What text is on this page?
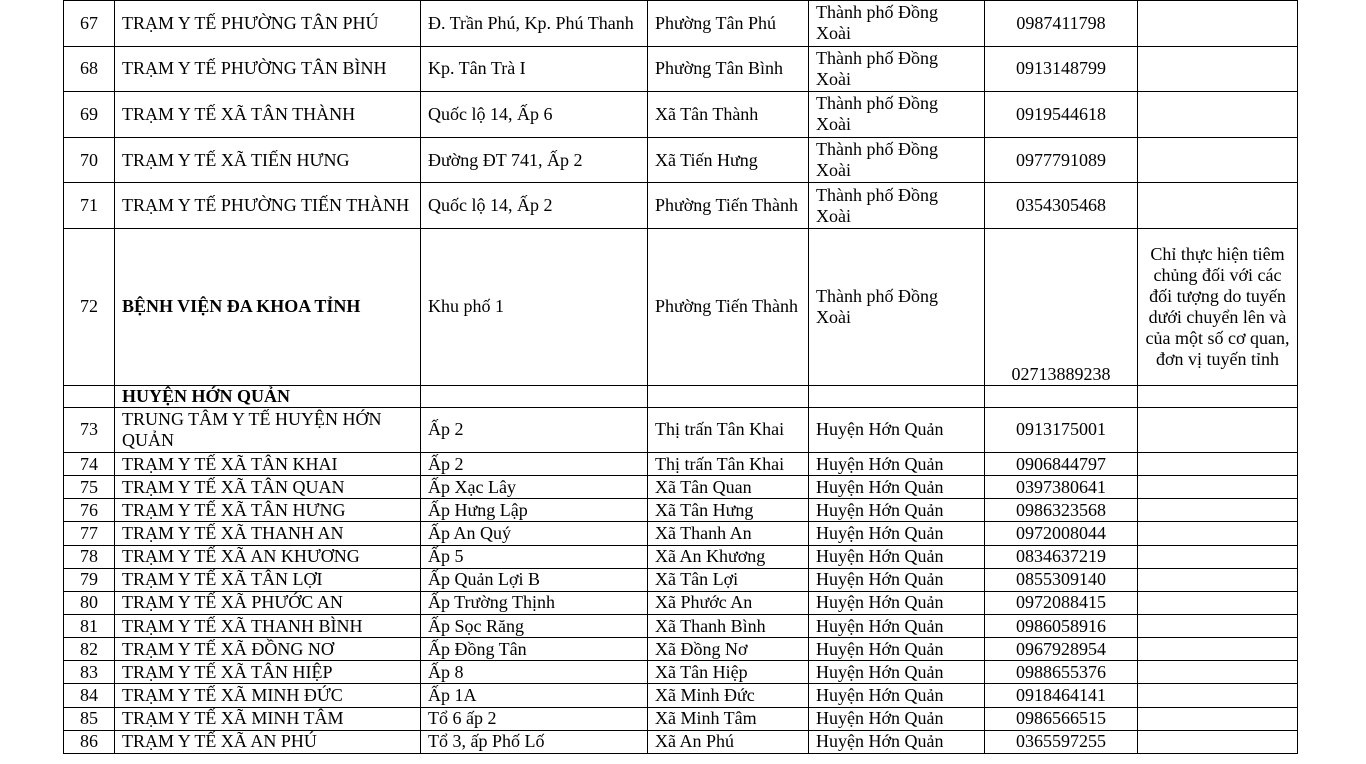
67	TRẠM Y TẾ PHƯỜNG TÂN PHÚ	Đ. Trần Phú, Kp. Phú Thanh	Phường Tân Phú	Thành phố Đồng Xoài	0987411798	
68	TRẠM Y TẾ PHƯỜNG TÂN BÌNH	Kp. Tân Trà I	Phường Tân Bình	Thành phố Đồng Xoài	0913148799	
69	TRẠM Y TẾ XÃ TÂN THÀNH	Quốc lộ 14, Ấp 6	Xã Tân Thành	Thành phố Đồng Xoài	0919544618	
70	TRẠM Y TẾ XÃ TIẾN HƯNG	Đường ĐT 741, Ấp 2	Xã Tiến Hưng	Thành phố Đồng Xoài	0977791089	
71	TRẠM Y TẾ PHƯỜNG TIẾN THÀNH	Quốc lộ 14, Ấp 2	Phường Tiến Thành	Thành phố Đồng Xoài	0354305468	
72	BỆNH VIỆN ĐA KHOA TỈNH	Khu phố 1	Phường Tiến Thành	Thành phố Đồng Xoài	02713889238	Chỉ thực hiện tiêm chủng đối với các đối tượng do tuyến dưới chuyển lên và của một số cơ quan, đơn vị tuyến tỉnh
	HUYỆN HỚN QUẢN					
73	TRUNG TÂM Y TẾ HUYỆN HỚN QUẢN	Ấp 2	Thị trấn Tân Khai	Huyện Hớn Quản	0913175001	
74	TRẠM Y TẾ XÃ TÂN KHAI	Ấp 2	Thị trấn Tân Khai	Huyện Hớn Quản	0906844797	
75	TRẠM Y TẾ XÃ TÂN QUAN	Ấp Xạc Lây	Xã Tân Quan	Huyện Hớn Quản	0397380641	
76	TRẠM Y TẾ XÃ TÂN HƯNG	Ấp Hưng Lập	Xã Tân Hưng	Huyện Hớn Quản	0986323568	
77	TRẠM Y TẾ XÃ THANH AN	Ấp An Quý	Xã Thanh An	Huyện Hớn Quản	0972008044	
78	TRẠM Y TẾ XÃ AN KHƯƠNG	Ấp 5	Xã An Khương	Huyện Hớn Quản	0834637219	
79	TRẠM Y TẾ XÃ TÂN LỢI	Ấp Quản Lợi B	Xã Tân Lợi	Huyện Hớn Quản	0855309140	
80	TRẠM Y TẾ XÃ PHƯỚC AN	Ấp Trường Thịnh	Xã Phước An	Huyện Hớn Quản	0972088415	
81	TRẠM Y TẾ XÃ THANH BÌNH	Ấp Sọc Răng	Xã Thanh Bình	Huyện Hớn Quản	0986058916	
82	TRẠM Y TẾ XÃ ĐỒNG NƠ	Ấp Đồng Tân	Xã Đồng Nơ	Huyện Hớn Quản	0967928954	
83	TRẠM Y TẾ XÃ TÂN HIỆP	Ấp 8	Xã Tân Hiệp	Huyện Hớn Quản	0988655376	
84	TRẠM Y TẾ XÃ MINH ĐỨC	Ấp 1A	Xã Minh Đức	Huyện Hớn Quản	0918464141	
85	TRẠM Y TẾ XÃ MINH TÂM	Tổ 6 ấp 2	Xã Minh Tâm	Huyện Hớn Quản	0986566515	
86	TRẠM Y TẾ XÃ AN PHÚ	Tổ 3, ấp Phố Lố	Xã An Phú	Huyện Hớn Quản	0365597255	
